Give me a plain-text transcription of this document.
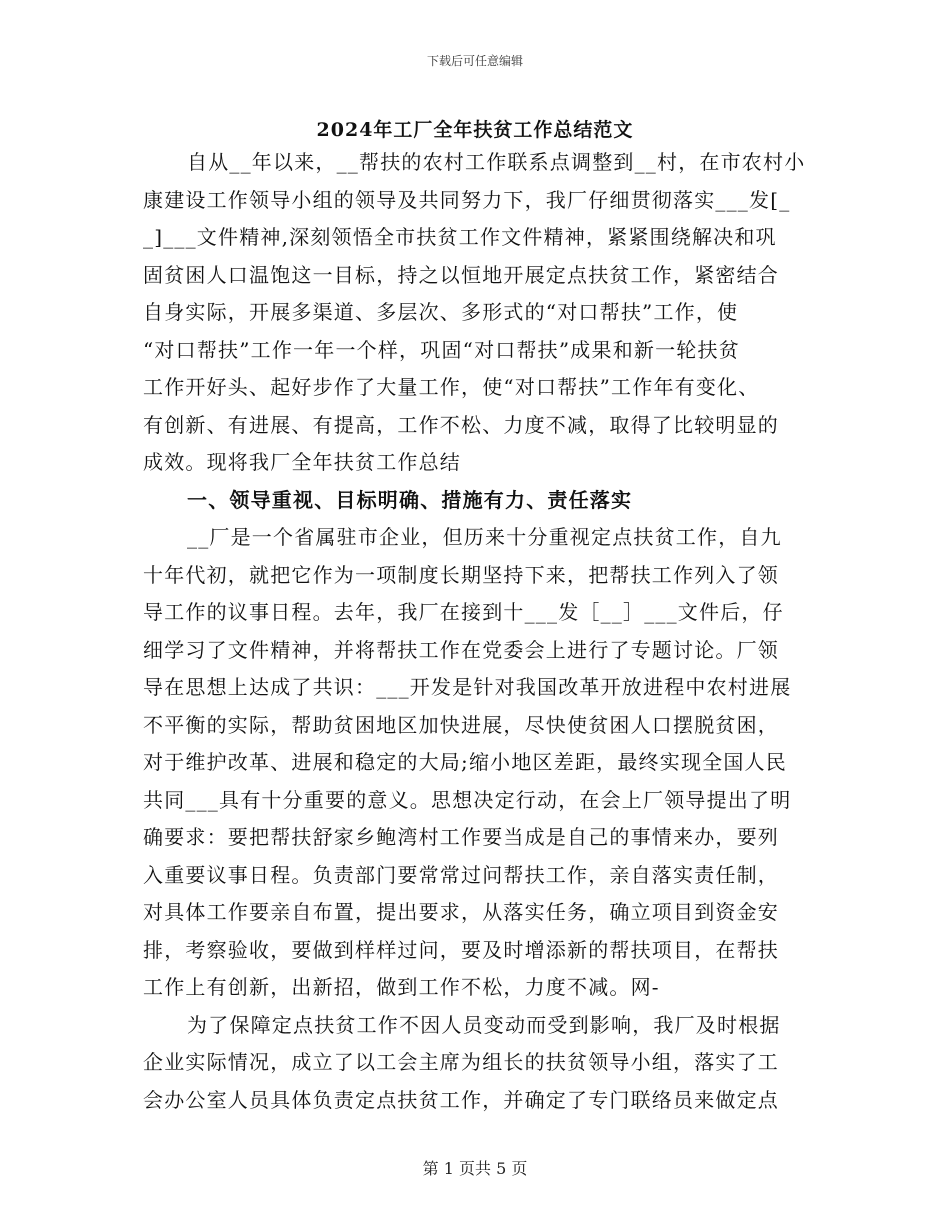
下载后可任意编辑
2024年工厂全年扶贫工作总结范文
自从__年以来，__帮扶的农村工作联系点调整到__村，在市农村小
康建设工作领导小组的领导及共同努力下，我厂仔细贯彻落实___发[_
_]___文件精神,深刻领悟全市扶贫工作文件精神，紧紧围绕解决和巩
固贫困人口温饱这一目标，持之以恒地开展定点扶贫工作，紧密结合
自身实际，开展多渠道、多层次、多形式的“对口帮扶”工作，使
“对口帮扶”工作一年一个样，巩固“对口帮扶”成果和新一轮扶贫
工作开好头、起好步作了大量工作，使“对口帮扶”工作年有变化、
有创新、有进展、有提高，工作不松、力度不减，取得了比较明显的
成效。现将我厂全年扶贫工作总结
一、领导重视、目标明确、措施有力、责任落实
__厂是一个省属驻市企业，但历来十分重视定点扶贫工作，自九
十年代初，就把它作为一项制度长期坚持下来，把帮扶工作列入了领
导工作的议事日程。去年，我厂在接到十___发［__］___文件后，仔
细学习了文件精神，并将帮扶工作在党委会上进行了专题讨论。厂领
导在思想上达成了共识：___开发是针对我国改革开放进程中农村进展
不平衡的实际，帮助贫困地区加快进展，尽快使贫困人口摆脱贫困，
对于维护改革、进展和稳定的大局;缩小地区差距，最终实现全国人民
共同___具有十分重要的意义。思想决定行动，在会上厂领导提出了明
确要求：要把帮扶舒家乡鲍湾村工作要当成是自己的事情来办，要列
入重要议事日程。负责部门要常常过问帮扶工作，亲自落实责任制，
对具体工作要亲自布置，提出要求，从落实任务，确立项目到资金安
排，考察验收，要做到样样过问，要及时增添新的帮扶项目，在帮扶
工作上有创新，出新招，做到工作不松，力度不减。网-
为了保障定点扶贫工作不因人员变动而受到影响，我厂及时根据
企业实际情况，成立了以工会主席为组长的扶贫领导小组，落实了工
会办公室人员具体负责定点扶贫工作，并确定了专门联络员来做定点
第 1 页共 5 页
